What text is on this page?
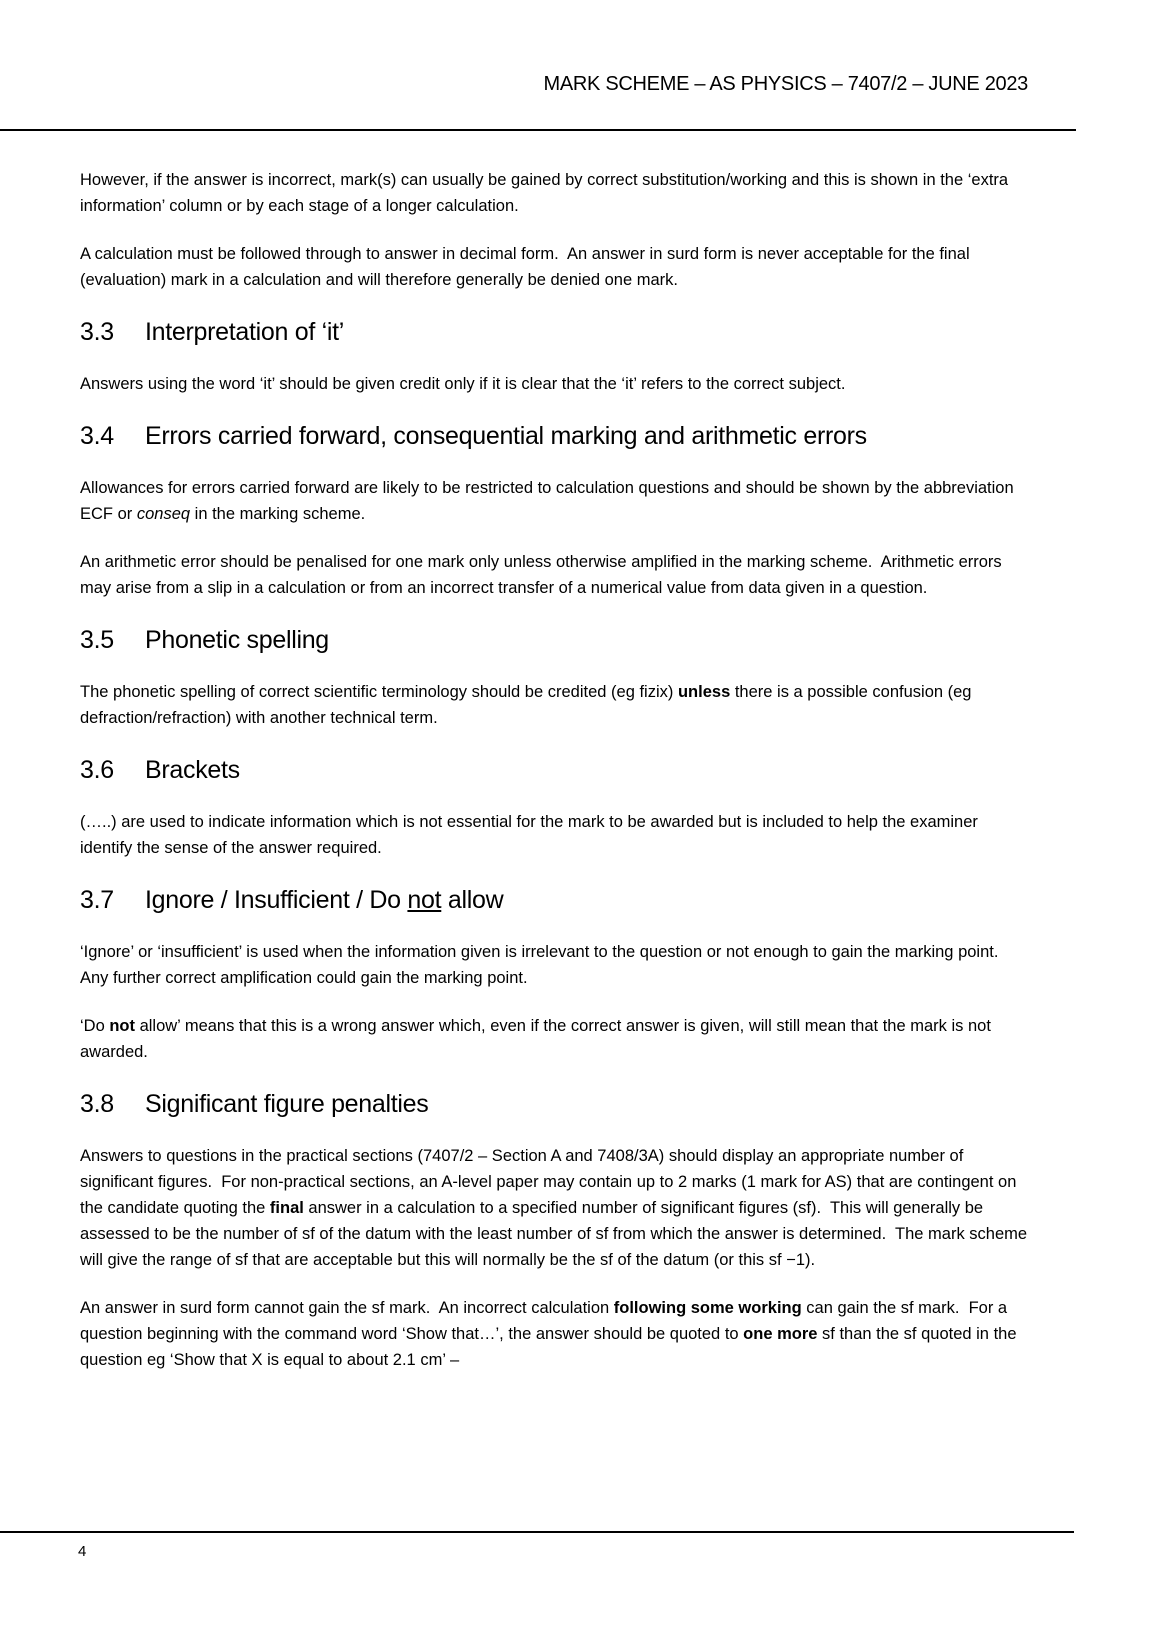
MARK SCHEME – AS PHYSICS – 7407/2 – JUNE 2023

However, if the answer is incorrect, mark(s) can usually be gained by correct substitution/working and this is shown in the ‘extra information’ column or by each stage of a longer calculation.

A calculation must be followed through to answer in decimal form.  An answer in surd form is never acceptable for the final (evaluation) mark in a calculation and will therefore generally be denied one mark.

3.3	Interpretation of ‘it’

Answers using the word ‘it’ should be given credit only if it is clear that the ‘it’ refers to the correct subject.

3.4	Errors carried forward, consequential marking and arithmetic errors

Allowances for errors carried forward are likely to be restricted to calculation questions and should be shown by the abbreviation ECF or conseq in the marking scheme.

An arithmetic error should be penalised for one mark only unless otherwise amplified in the marking scheme.  Arithmetic errors may arise from a slip in a calculation or from an incorrect transfer of a numerical value from data given in a question.

3.5	Phonetic spelling

The phonetic spelling of correct scientific terminology should be credited (eg fizix) unless there is a possible confusion (eg defraction/refraction) with another technical term.

3.6	Brackets

(…..) are used to indicate information which is not essential for the mark to be awarded but is included to help the examiner identify the sense of the answer required.

3.7	Ignore / Insufficient / Do not allow

‘Ignore’ or ‘insufficient’ is used when the information given is irrelevant to the question or not enough to gain the marking point.  Any further correct amplification could gain the marking point.

‘Do not allow’ means that this is a wrong answer which, even if the correct answer is given, will still mean that the mark is not awarded.

3.8	Significant figure penalties

Answers to questions in the practical sections (7407/2 – Section A and 7408/3A) should display an appropriate number of significant figures.  For non-practical sections, an A-level paper may contain up to 2 marks (1 mark for AS) that are contingent on the candidate quoting the final answer in a calculation to a specified number of significant figures (sf).  This will generally be assessed to be the number of sf of the datum with the least number of sf from which the answer is determined.  The mark scheme will give the range of sf that are acceptable but this will normally be the sf of the datum (or this sf −1).

An answer in surd form cannot gain the sf mark.  An incorrect calculation following some working can gain the sf mark.  For a question beginning with the command word ‘Show that…’, the answer should be quoted to one more sf than the sf quoted in the question eg ‘Show that X is equal to about 2.1 cm’ –

4
